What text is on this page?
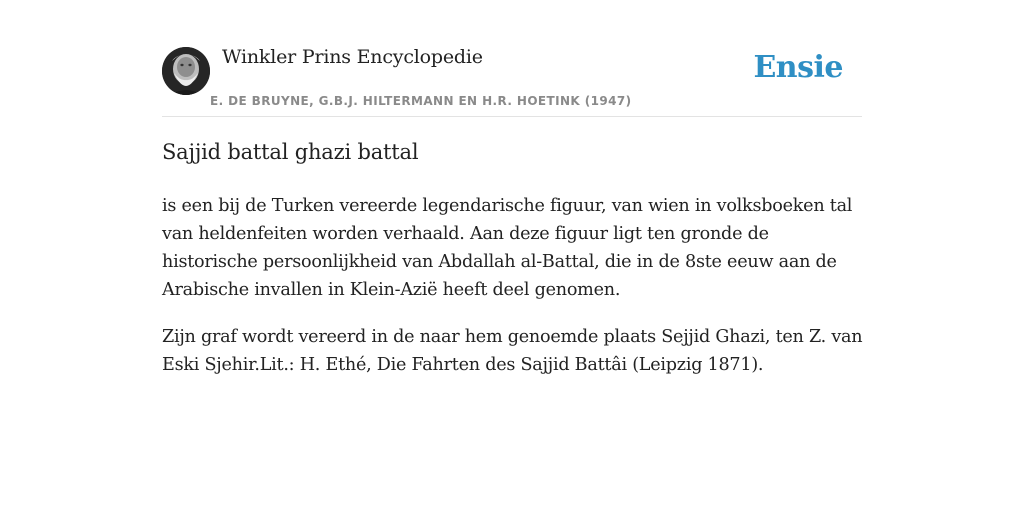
Winkler Prins Encyclopedie
E. DE BRUYNE, G.B.J. HILTERMANN EN H.R. HOETINK (1947)
Ensie
Sajjid battal ghazi battal

is een bij de Turken vereerde legendarische figuur, van wien in volksboeken tal van heldenfeiten worden verhaald. Aan deze figuur ligt ten gronde de historische persoonlijkheid van Abdallah al-Battal, die in de 8ste eeuw aan de Arabische invallen in Klein-Azië heeft deel genomen.

Zijn graf wordt vereerd in de naar hem genoemde plaats Sejjid Ghazi, ten Z. van Eski Sjehir.Lit.: H. Ethé, Die Fahrten des Sajjid Battâi (Leipzig 1871).
